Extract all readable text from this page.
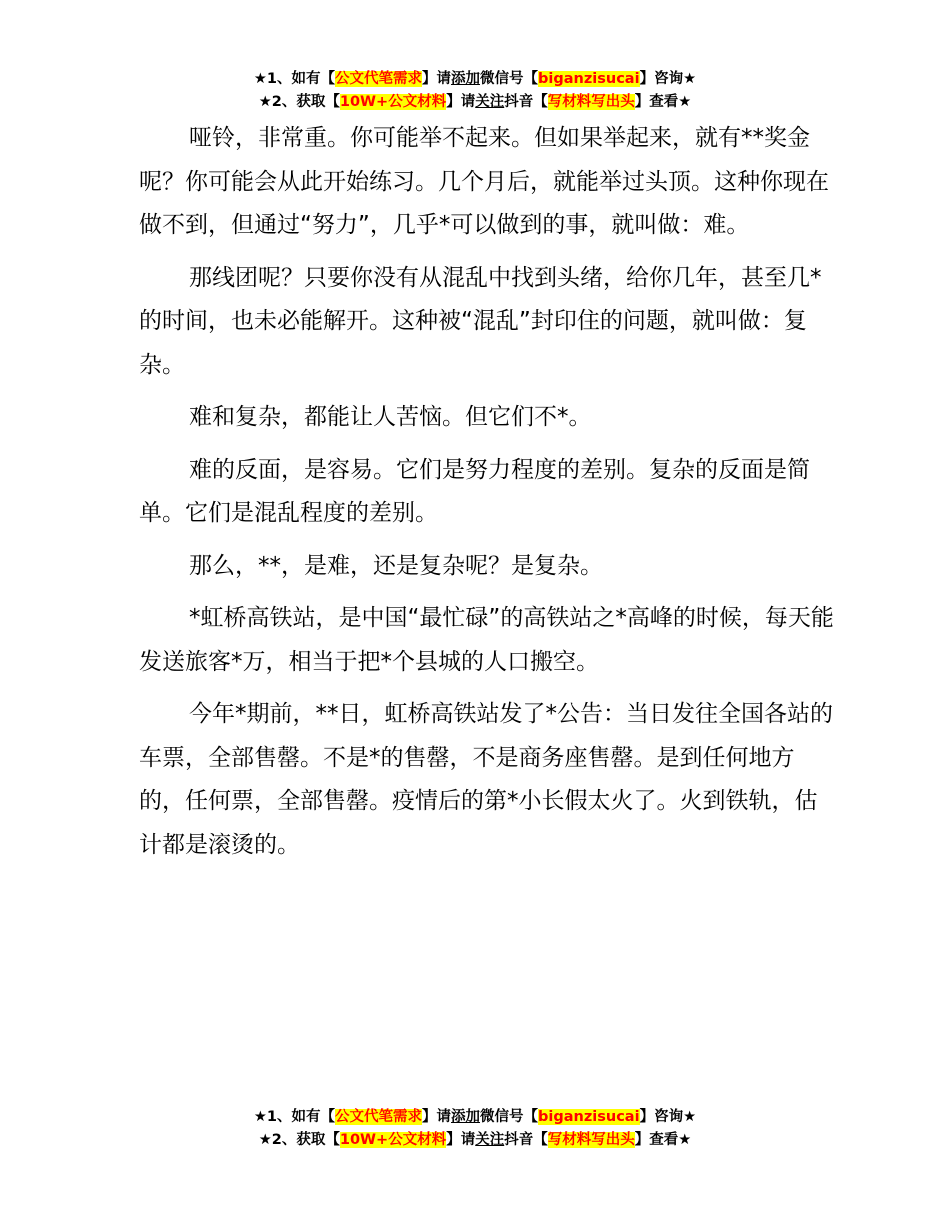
★1、如有【公文代笔需求】请添加微信号【biganzisucai】咨询★
★2、获取【10W+公文材料】请关注抖音【写材料写出头】查看★

哑铃，非常重。你可能举不起来。但如果举起来，就有**奖金呢？你可能会从此开始练习。几个月后，就能举过头顶。这种你现在做不到，但通过“努力”，几乎*可以做到的事，就叫做：难。

那线团呢？只要你没有从混乱中找到头绪，给你几年，甚至几*的时间，也未必能解开。这种被“混乱”封印住的问题，就叫做：复杂。

难和复杂，都能让人苦恼。但它们不*。

难的反面，是容易。它们是努力程度的差别。复杂的反面是简单。它们是混乱程度的差别。

那么，**，是难，还是复杂呢？是复杂。

*虹桥高铁站，是中国“最忙碌”的高铁站之*高峰的时候，每天能发送旅客*万，相当于把*个县城的人口搬空。

今年*期前，**日，虹桥高铁站发了*公告：当日发往全国各站的车票，全部售罄。不是*的售罄，不是商务座售罄。是到任何地方的，任何票，全部售罄。疫情后的第*小长假太火了。火到铁轨，估计都是滚烫的。

★1、如有【公文代笔需求】请添加微信号【biganzisucai】咨询★
★2、获取【10W+公文材料】请关注抖音【写材料写出头】查看★
